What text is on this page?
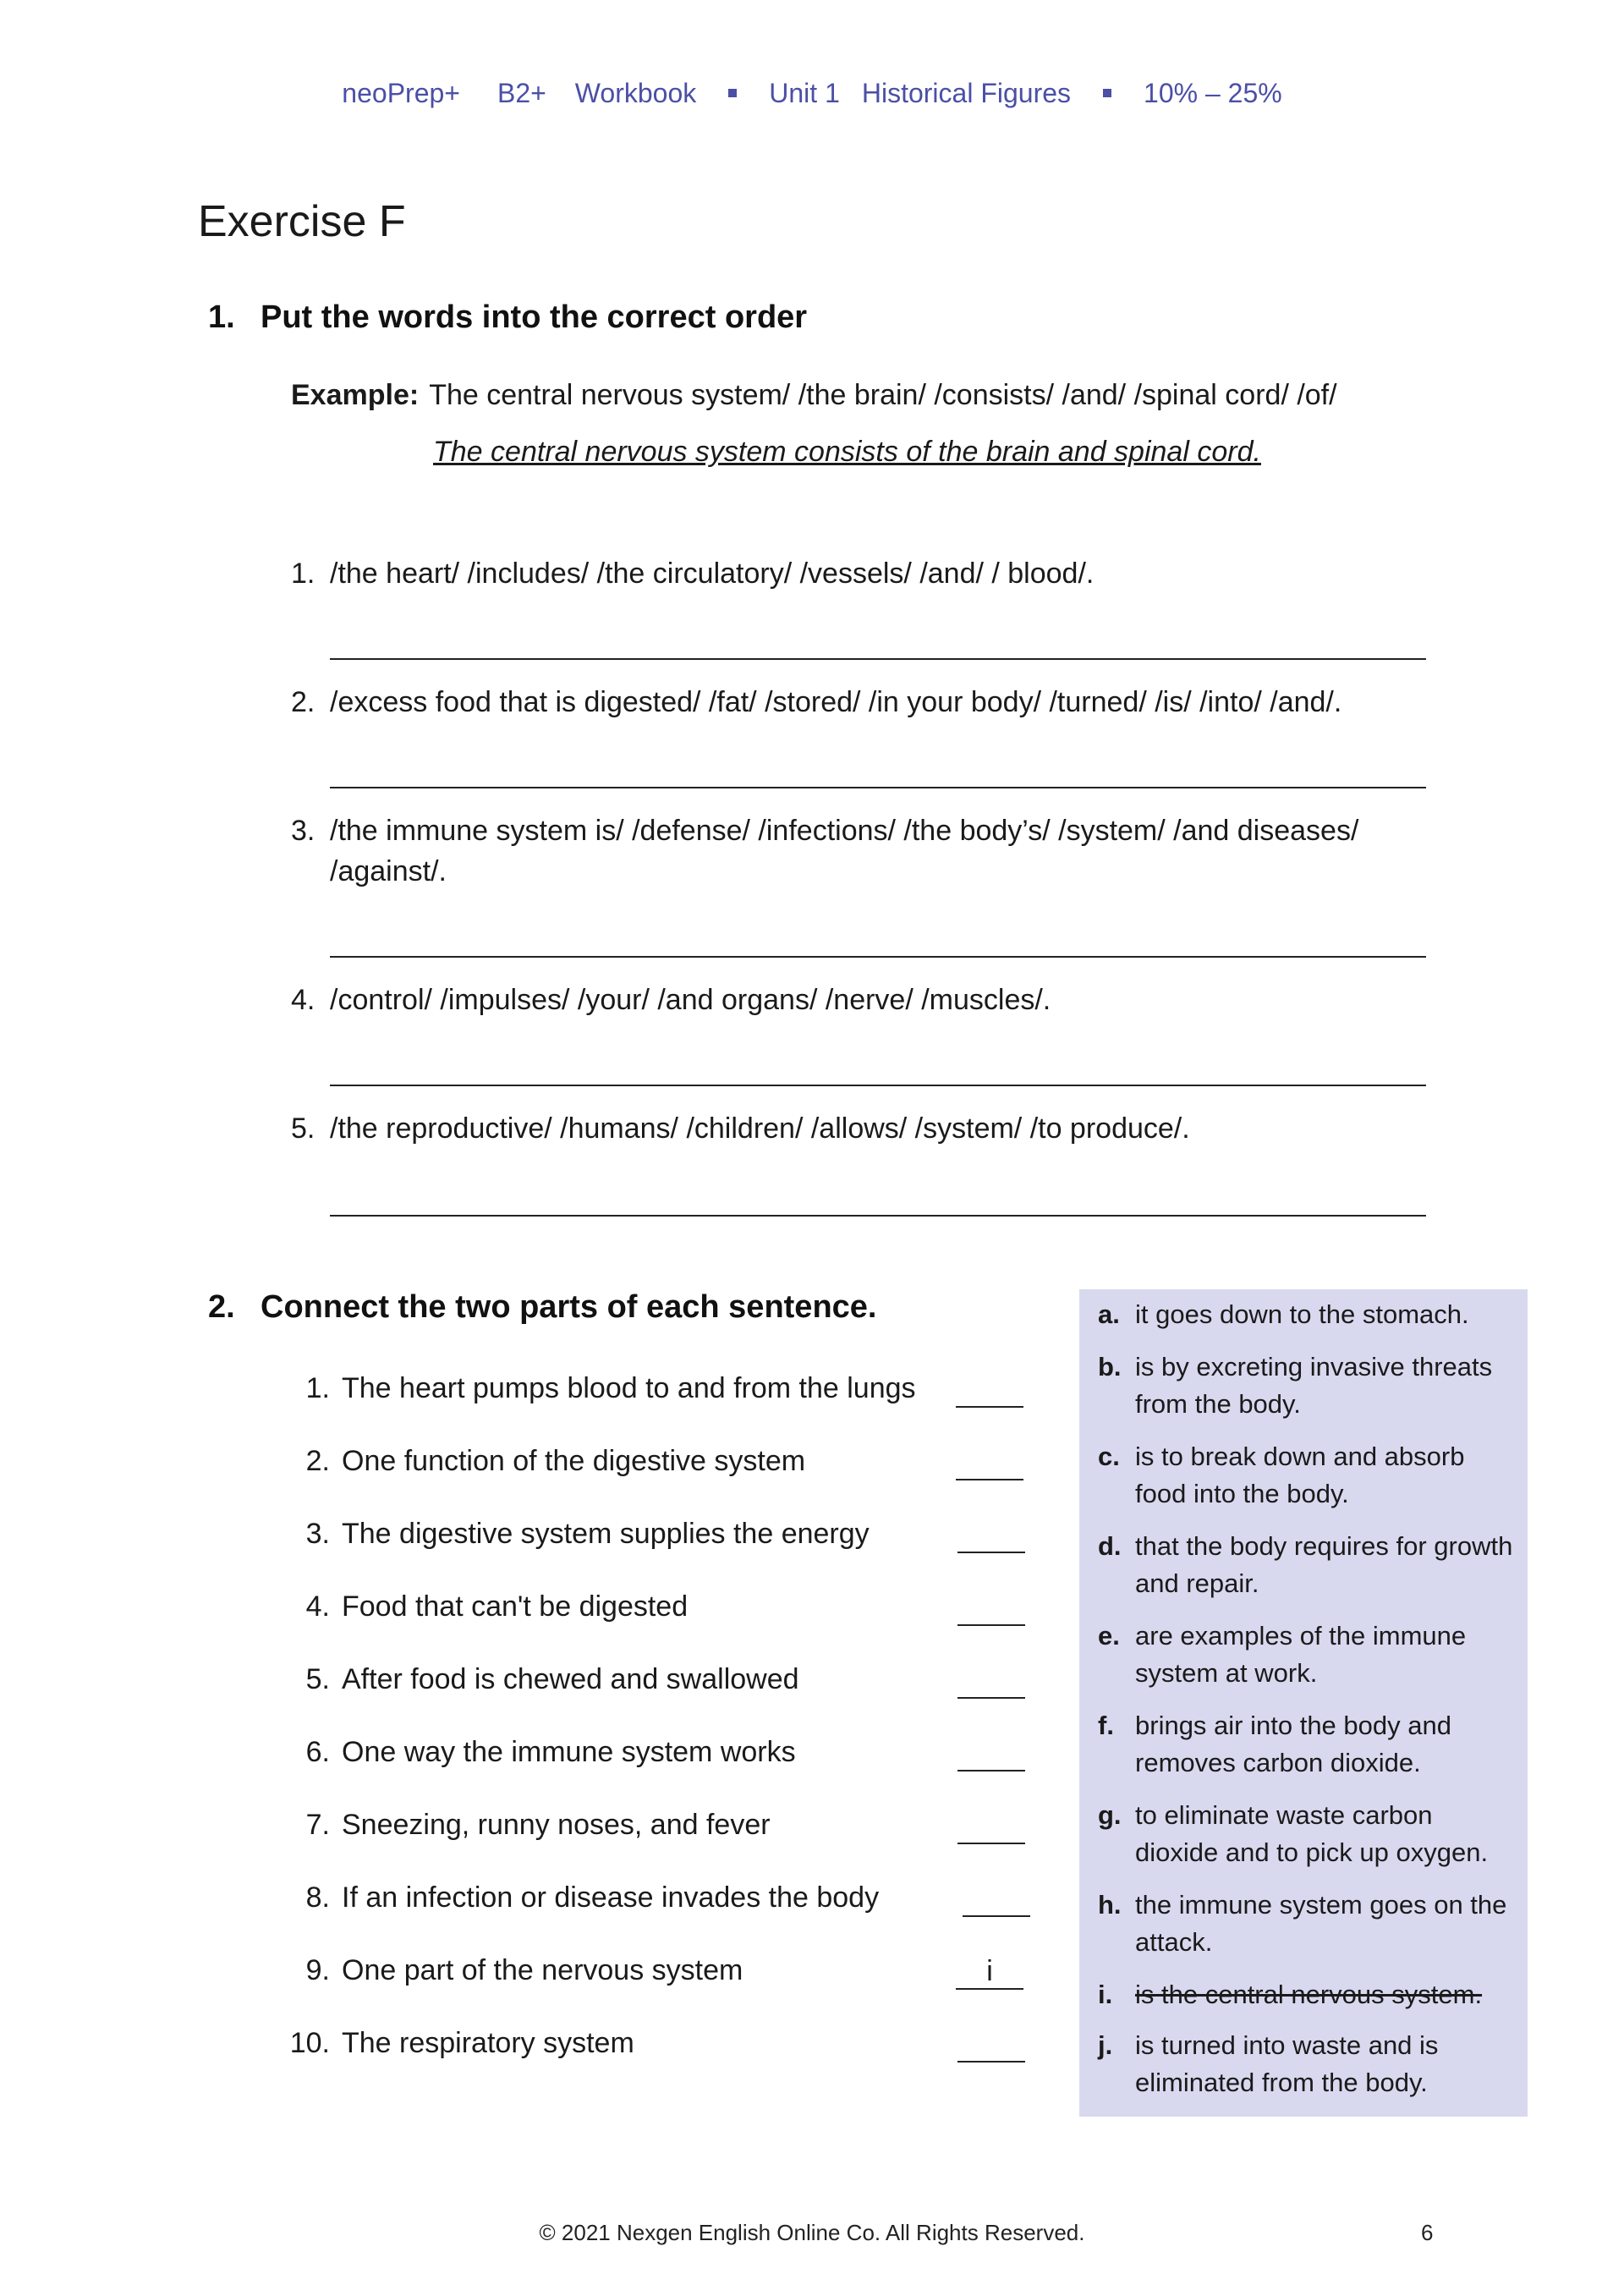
neoPrep+ B2+ Workbook	Unit 1 Historical Figures	10% – 25%
Exercise F
1. Put the words into the correct order
Example: The central nervous system/ /the brain/ /consists/ /and/ /spinal cord/ /of/
The central nervous system consists of the brain and spinal cord.
1. /the heart/ /includes/ /the circulatory/ /vessels/ /and/ / blood/.
2. /excess food that is digested/ /fat/ /stored/ /in your body/ /turned/ /is/ /into/ /and/.
3. /the immune system is/ /defense/ /infections/ /the body’s/ /system/ /and diseases/ /against/.
4. /control/ /impulses/ /your/ /and organs/ /nerve/ /muscles/.
5. /the reproductive/ /humans/ /children/ /allows/ /system/ /to produce/.
2. Connect the two parts of each sentence.
1. The heart pumps blood to and from the lungs
2. One function of the digestive system
3. The digestive system supplies the energy
4. Food that can't be digested
5. After food is chewed and swallowed
6. One way the immune system works
7. Sneezing, runny noses, and fever
8. If an infection or disease invades the body
9. One part of the nervous system	i
10. The respiratory system
a. it goes down to the stomach.
b. is by excreting invasive threats from the body.
c. is to break down and absorb food into the body.
d. that the body requires for growth and repair.
e. are examples of the immune system at work.
f. brings air into the body and removes carbon dioxide.
g. to eliminate waste carbon dioxide and to pick up oxygen.
h. the immune system goes on the attack.
i. is the central nervous system.
j. is turned into waste and is eliminated from the body.
© 2021 Nexgen English Online Co. All Rights Reserved.	6
